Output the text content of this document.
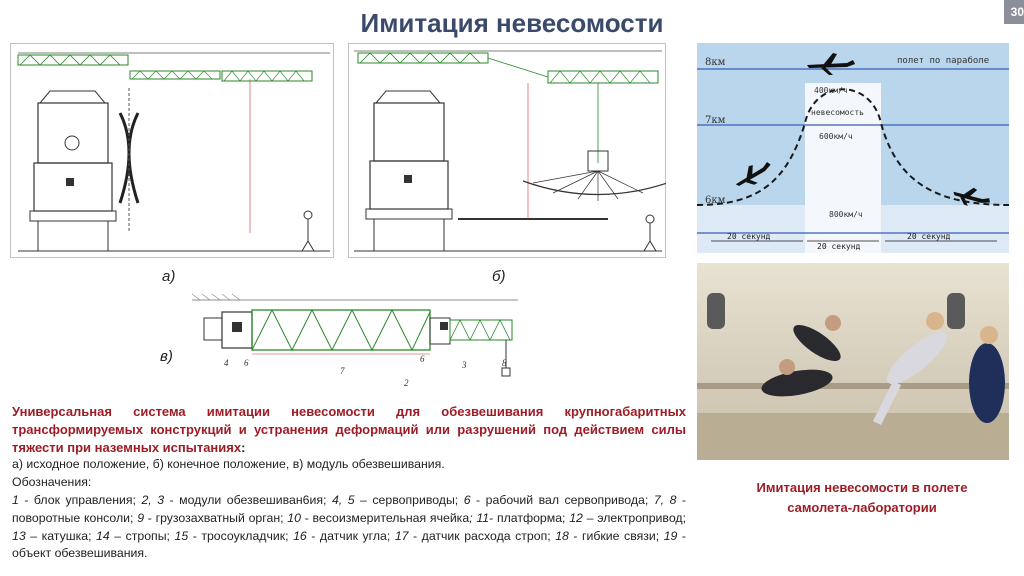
Имитация невесомости	30
а)	б)
4 6
7
2
6
3	8
в)
Универсальная система имитации невесомости для обезвешивания крупногабаритных трансформируемых конструкций и устранения деформаций или разрушений под действием силы тяжести при наземных испытаниях:
а) исходное положение, б) конечное положение, в) модуль обезвешивания.
Обозначения:
1 - блок управления; 2, 3 - модули обезвешиван6ия; 4, 5 – сервоприводы; 6 - рабочий вал сервопривода; 7, 8 - поворотные консоли; 9 - грузозахватный орган; 10 - весоизмерительная ячейка; 11- платформа; 12 – электропривод; 13 – катушка; 14 – стропы; 15 - тросоукладчик; 16 - датчик угла; 17 - датчик расхода строп; 18 - гибкие связи; 19 - объект обезвешивания.
8км
7км
6км
полет по параболе
400км/ч
невесомость
600км/ч
800км/ч
20 секунд
20 секунд
20 секунд
Имитация невесомости в полете
самолета-лаборатории
